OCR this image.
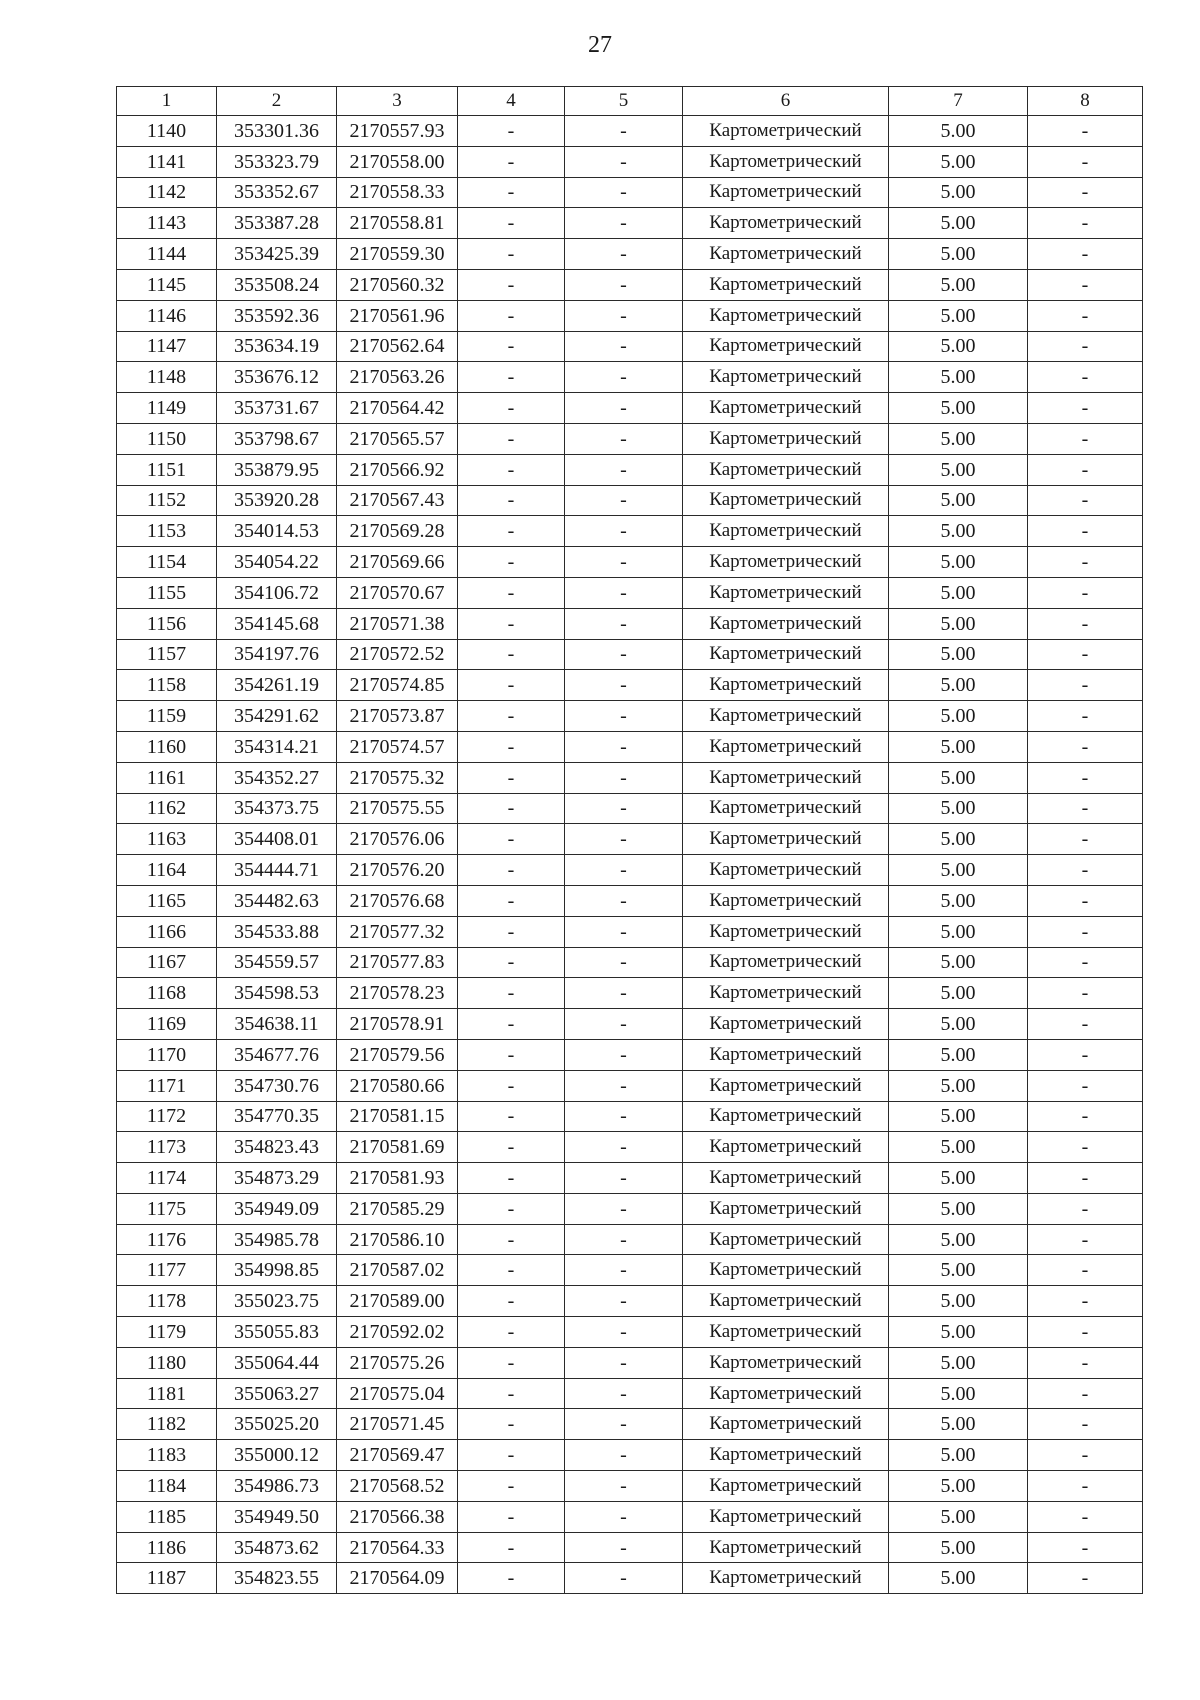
27
1	2	3	4	5	6	7	8
1140	353301.36	2170557.93	-	-	Картометрический	5.00	-
1141	353323.79	2170558.00	-	-	Картометрический	5.00	-
1142	353352.67	2170558.33	-	-	Картометрический	5.00	-
1143	353387.28	2170558.81	-	-	Картометрический	5.00	-
1144	353425.39	2170559.30	-	-	Картометрический	5.00	-
1145	353508.24	2170560.32	-	-	Картометрический	5.00	-
1146	353592.36	2170561.96	-	-	Картометрический	5.00	-
1147	353634.19	2170562.64	-	-	Картометрический	5.00	-
1148	353676.12	2170563.26	-	-	Картометрический	5.00	-
1149	353731.67	2170564.42	-	-	Картометрический	5.00	-
1150	353798.67	2170565.57	-	-	Картометрический	5.00	-
1151	353879.95	2170566.92	-	-	Картометрический	5.00	-
1152	353920.28	2170567.43	-	-	Картометрический	5.00	-
1153	354014.53	2170569.28	-	-	Картометрический	5.00	-
1154	354054.22	2170569.66	-	-	Картометрический	5.00	-
1155	354106.72	2170570.67	-	-	Картометрический	5.00	-
1156	354145.68	2170571.38	-	-	Картометрический	5.00	-
1157	354197.76	2170572.52	-	-	Картометрический	5.00	-
1158	354261.19	2170574.85	-	-	Картометрический	5.00	-
1159	354291.62	2170573.87	-	-	Картометрический	5.00	-
1160	354314.21	2170574.57	-	-	Картометрический	5.00	-
1161	354352.27	2170575.32	-	-	Картометрический	5.00	-
1162	354373.75	2170575.55	-	-	Картометрический	5.00	-
1163	354408.01	2170576.06	-	-	Картометрический	5.00	-
1164	354444.71	2170576.20	-	-	Картометрический	5.00	-
1165	354482.63	2170576.68	-	-	Картометрический	5.00	-
1166	354533.88	2170577.32	-	-	Картометрический	5.00	-
1167	354559.57	2170577.83	-	-	Картометрический	5.00	-
1168	354598.53	2170578.23	-	-	Картометрический	5.00	-
1169	354638.11	2170578.91	-	-	Картометрический	5.00	-
1170	354677.76	2170579.56	-	-	Картометрический	5.00	-
1171	354730.76	2170580.66	-	-	Картометрический	5.00	-
1172	354770.35	2170581.15	-	-	Картометрический	5.00	-
1173	354823.43	2170581.69	-	-	Картометрический	5.00	-
1174	354873.29	2170581.93	-	-	Картометрический	5.00	-
1175	354949.09	2170585.29	-	-	Картометрический	5.00	-
1176	354985.78	2170586.10	-	-	Картометрический	5.00	-
1177	354998.85	2170587.02	-	-	Картометрический	5.00	-
1178	355023.75	2170589.00	-	-	Картометрический	5.00	-
1179	355055.83	2170592.02	-	-	Картометрический	5.00	-
1180	355064.44	2170575.26	-	-	Картометрический	5.00	-
1181	355063.27	2170575.04	-	-	Картометрический	5.00	-
1182	355025.20	2170571.45	-	-	Картометрический	5.00	-
1183	355000.12	2170569.47	-	-	Картометрический	5.00	-
1184	354986.73	2170568.52	-	-	Картометрический	5.00	-
1185	354949.50	2170566.38	-	-	Картометрический	5.00	-
1186	354873.62	2170564.33	-	-	Картометрический	5.00	-
1187	354823.55	2170564.09	-	-	Картометрический	5.00	-
